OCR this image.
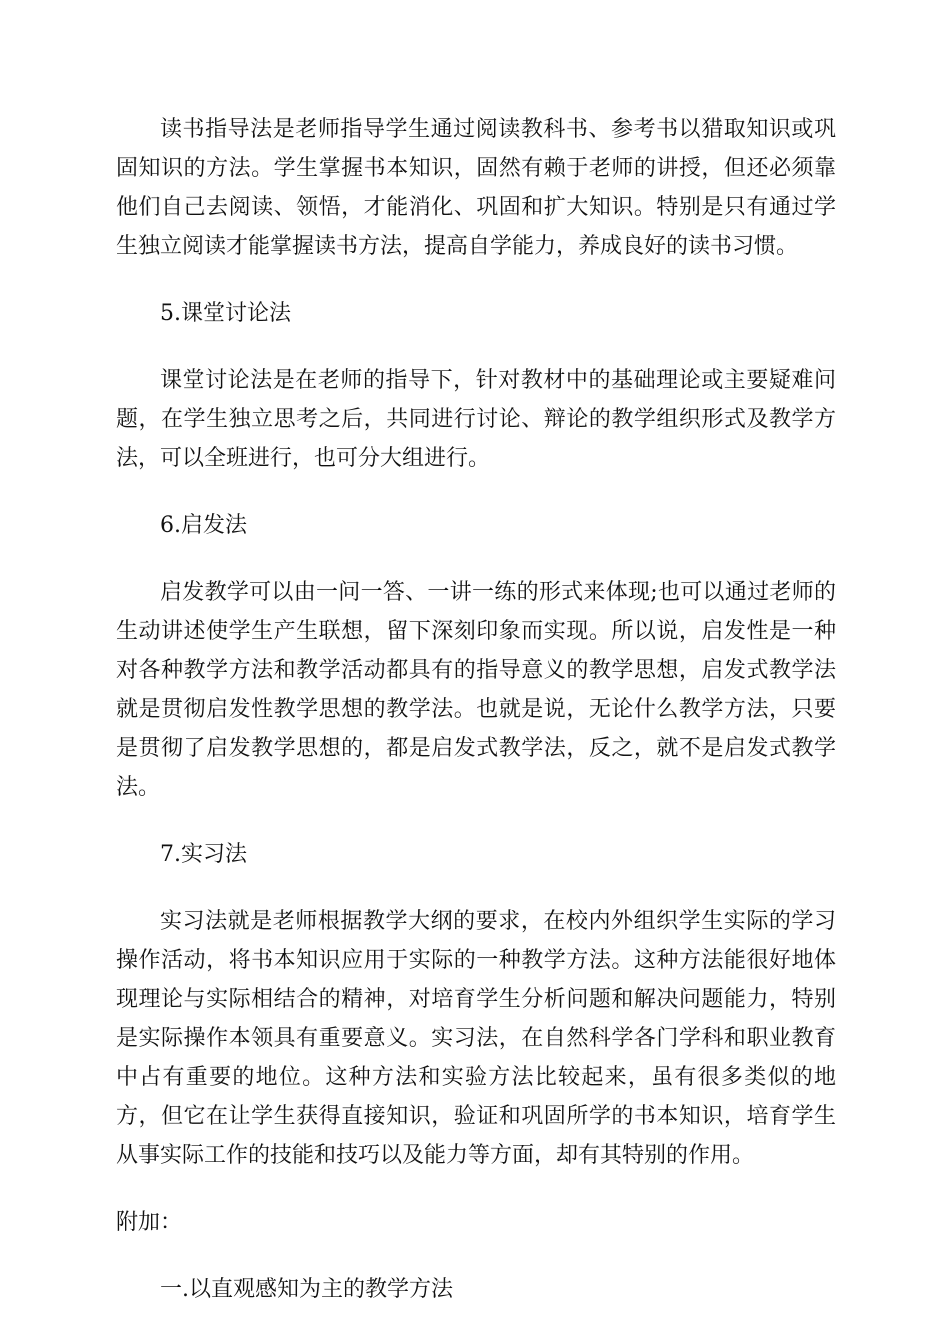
读书指导法是老师指导学生通过阅读教科书、参考书以猎取知识或巩固知识的方法。学生掌握书本知识，固然有赖于老师的讲授，但还必须靠他们自己去阅读、领悟，才能消化、巩固和扩大知识。特别是只有通过学生独立阅读才能掌握读书方法，提高自学能力，养成良好的读书习惯。

5.课堂讨论法

课堂讨论法是在老师的指导下，针对教材中的基础理论或主要疑难问题，在学生独立思考之后，共同进行讨论、辩论的教学组织形式及教学方法，可以全班进行，也可分大组进行。

6.启发法

启发教学可以由一问一答、一讲一练的形式来体现;也可以通过老师的生动讲述使学生产生联想，留下深刻印象而实现。所以说，启发性是一种对各种教学方法和教学活动都具有的指导意义的教学思想，启发式教学法就是贯彻启发性教学思想的教学法。也就是说，无论什么教学方法，只要是贯彻了启发教学思想的，都是启发式教学法，反之，就不是启发式教学法。

7.实习法

实习法就是老师根据教学大纲的要求，在校内外组织学生实际的学习操作活动，将书本知识应用于实际的一种教学方法。这种方法能很好地体现理论与实际相结合的精神，对培育学生分析问题和解决问题能力，特别是实际操作本领具有重要意义。实习法，在自然科学各门学科和职业教育中占有重要的地位。这种方法和实验方法比较起来，虽有很多类似的地方，但它在让学生获得直接知识，验证和巩固所学的书本知识，培育学生从事实际工作的技能和技巧以及能力等方面，却有其特别的作用。

附加：

一.以直观感知为主的教学方法
